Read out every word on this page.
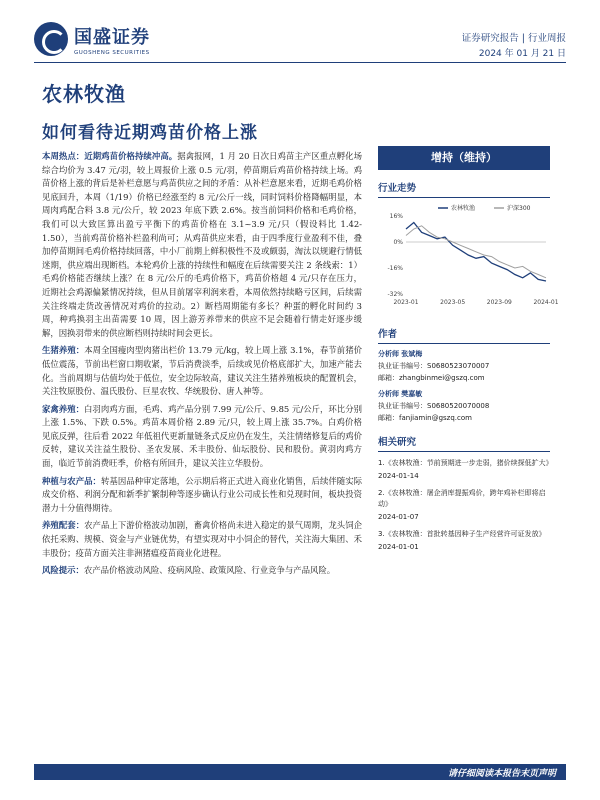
国盛证券
GUOSHENG SECURITIES
证券研究报告 | 行业周报
2024 年 01 月 21 日
农林牧渔
如何看待近期鸡苗价格上涨

本周热点：近期鸡苗价格持续冲高。据禽报网，1 月 20 日次日鸡苗主产区重点孵化场综合均价为 3.47 元/羽，较上周报价上涨 0.5 元/羽，停苗期后鸡苗价格持续上场。鸡苗价格上涨的背后是补栏意愿与鸡苗供应之间的矛盾：从补栏意愿来看，近期毛鸡价格见底回升，本周（1/19）价格已经涨至约 8 元/公斤一线，同时饲料价格降幅明显，本周肉鸡配合料 3.8 元/公斤，较 2023 年底下跌 2.6%。按当前饲料价格和毛鸡价格，我们可以大致匡算出盈亏平衡下的鸡苗价格在 3.1~3.9 元/只（假设料比 1.42-1.50），当前鸡苗价格补栏盈利尚可；从鸡苗供应来看，由于四季度行业盈利不佳，叠加停苗期间毛鸡价格持续回落，中小厂前期上鲜积极性不及或颇弱，淘汰以规避行情低迷期，供应端出现断档。本轮鸡价上涨的持续性和幅度在后续需要关注 2 条线索：1）毛鸡价格能否继续上涨？在 8 元/公斤的毛鸡价格下，鸡苗价格超 4 元/只存在压力，近期社会鸡源偏紧情况持续，但从目前屠宰利润来看，本周依然持续略亏区间，后续需关注终端走货改善情况对鸡价的拉动。2）断档周期能有多长？种蛋的孵化时间约 3 周，种鸡换羽主出苗需要 10 周，因上游芳养带来的供应不足会随着行情走好逐步缓解，因换羽带来的供应断档则持续时间会更长。

生猪养殖：本周全国瘦肉型肉猪出栏价 13.79 元/kg，较上周上涨 3.1%，春节前猪价低位震荡，节前出栏窗口期收紧，节后消费淡季，后续或见价格底部扩大，加速产能去化。当前周期与估值均处于低位，安全边际较高，建议关注生猪养殖板块的配置机会，关注牧原股份、温氏股份、巨星农牧、华统股份、唐人神等。

家禽养殖：白羽肉鸡方面，毛鸡、鸡产品分别 7.99 元/公斤、9.85 元/公斤，环比分别上涨 1.5%、下跌 0.5%。鸡苗本周价格 2.89 元/只，较上周上涨 35.7%。白鸡价格见底反弹，往后看 2022 年低祖代更新量链条式反应仍在发生，关注情绪修复后的鸡价反转，建议关注益生股份、圣农发展、禾丰股份、仙坛股份、民和股份。黄羽肉鸡方面，临近节前消费旺季，价格有所回升，建议关注立华股份。

种植与农产品：转基因品种审定落地，公示期后将正式进入商业化销售，后续伴随实际成交价格、利润分配和新季扩繁制种等逐步确认行业公司成长性和兑现时间，板块投资潜力十分值得期待。

养殖配套：农产品上下游价格波动加剧，畜禽价格尚未进入稳定的景气周期，龙头饲企依托采购、规模、资金与产业链优势，有望实现对中小饲企的替代，关注海大集团、禾丰股份；疫苗方面关注非洲猪瘟疫苗商业化进程。

风险提示：农产品价格波动风险、疫病风险、政策风险、行业竞争与产品风险。

增持（维持）
行业走势
16%
0%
-16%
-32%
2023-01	2023-05	2023-09	2024-01
农林牧渔	沪深300
作者
分析师 张斌梅
执业证书编号：S0680523070007
邮箱：zhangbinmei@gszq.com
分析师 樊嘉敏
执业证书编号：S0680520070008
邮箱：fanjiamin@gszq.com
相关研究
1.《农林牧渔：节前预期进一步走弱，猪价续探低扩大》
2024-01-14
2.《农林牧渔：屠企消库提振鸡价，跨年鸡补栏即将启动》
2024-01-07
3.《农林牧渔：首批转基因种子生产经营许可证发放》
2024-01-01
请仔细阅读本报告末页声明
